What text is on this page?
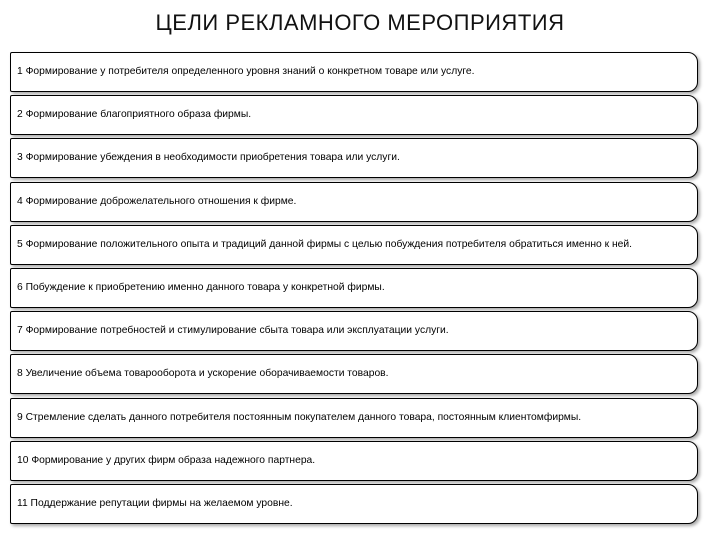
ЦЕЛИ РЕКЛАМНОГО МЕРОПРИЯТИЯ
1 Формирование у потребителя определенного уровня знаний о конкретном товаре или услуге.
2 Формирование благоприятного образа фирмы.
3 Формирование убеждения в необходимости приобретения товара или услуги.
4 Формирование доброжелательного отношения к фирме.
5 Формирование положительного опыта и традиций данной фирмы с целью побуждения потребителя обратиться именно к ней.
6 Побуждение к приобретению именно данного товара у конкретной фирмы.
7 Формирование потребностей и стимулирование сбыта товара или эксплуатации услуги.
8 Увеличение объема товарооборота и ускорение оборачиваемости товаров.
9 Стремление сделать данного потребителя постоянным покупателем данного товара, постоянным клиентомфирмы.
10 Формирование у других фирм образа надежного партнера.
11 Поддержание репутации фирмы на желаемом уровне.
